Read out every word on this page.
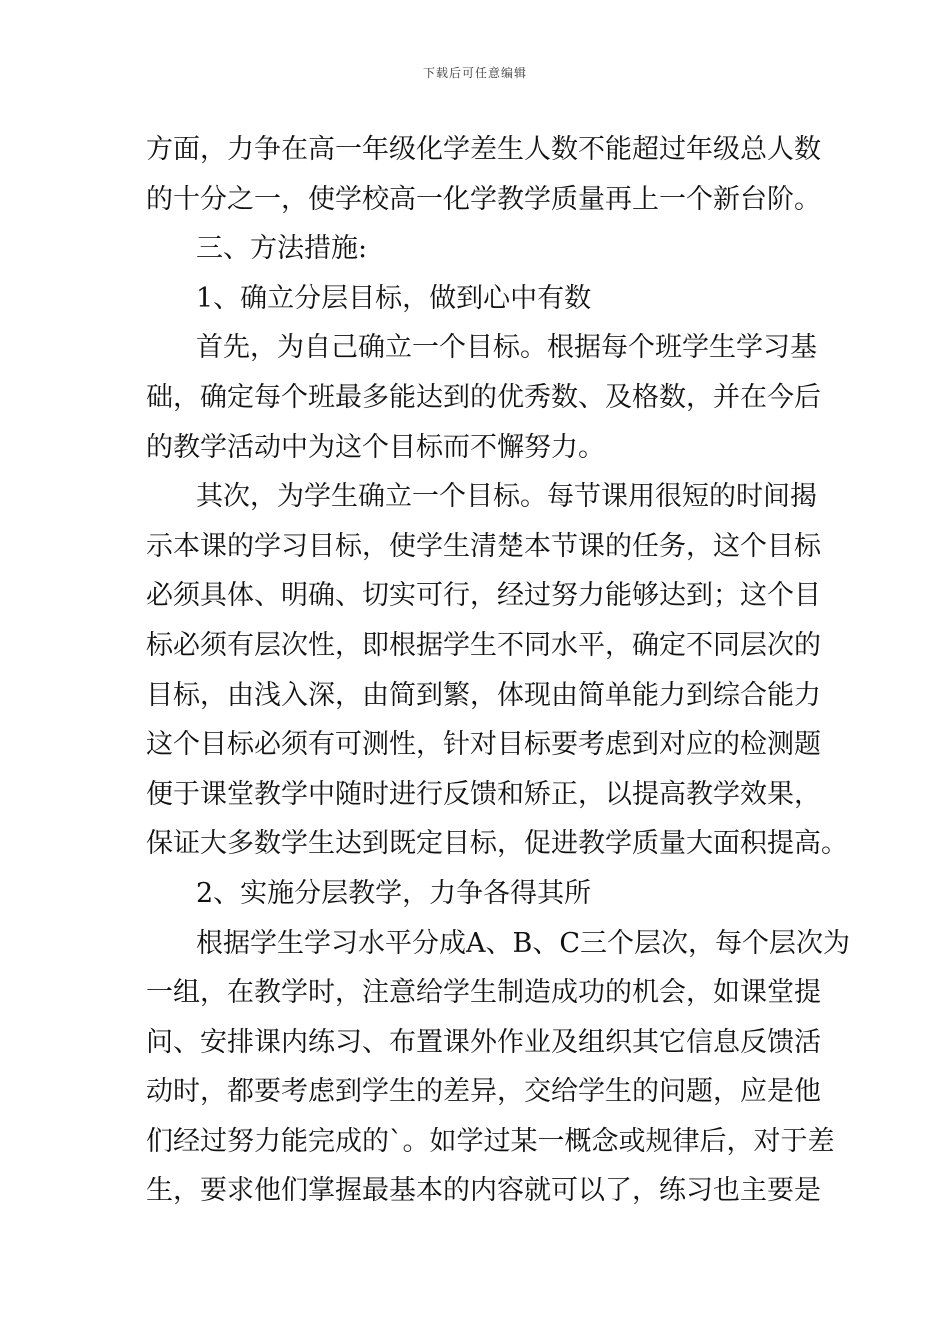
下载后可任意编辑
方面，力争在高一年级化学差生人数不能超过年级总人数
的十分之一，使学校高一化学教学质量再上一个新台阶。
三、方法措施:
1、确立分层目标，做到心中有数
首先，为自己确立一个目标。根据每个班学生学习基
础，确定每个班最多能达到的优秀数、及格数，并在今后
的教学活动中为这个目标而不懈努力。
其次，为学生确立一个目标。每节课用很短的时间揭
示本课的学习目标，使学生清楚本节课的任务，这个目标
必须具体、明确、切实可行，经过努力能够达到；这个目
标必须有层次性，即根据学生不同水平，确定不同层次的
目标，由浅入深，由简到繁，体现由简单能力到综合能力
这个目标必须有可测性，针对目标要考虑到对应的检测题
便于课堂教学中随时进行反馈和矫正，以提高教学效果，
保证大多数学生达到既定目标，促进教学质量大面积提高。
2、实施分层教学，力争各得其所
根据学生学习水平分成A、B、C三个层次，每个层次为
一组，在教学时，注意给学生制造成功的机会，如课堂提
问、安排课内练习、布置课外作业及组织其它信息反馈活
动时，都要考虑到学生的差异，交给学生的问题，应是他
们经过努力能完成的`。如学过某一概念或规律后，对于差
生，要求他们掌握最基本的内容就可以了，练习也主要是
